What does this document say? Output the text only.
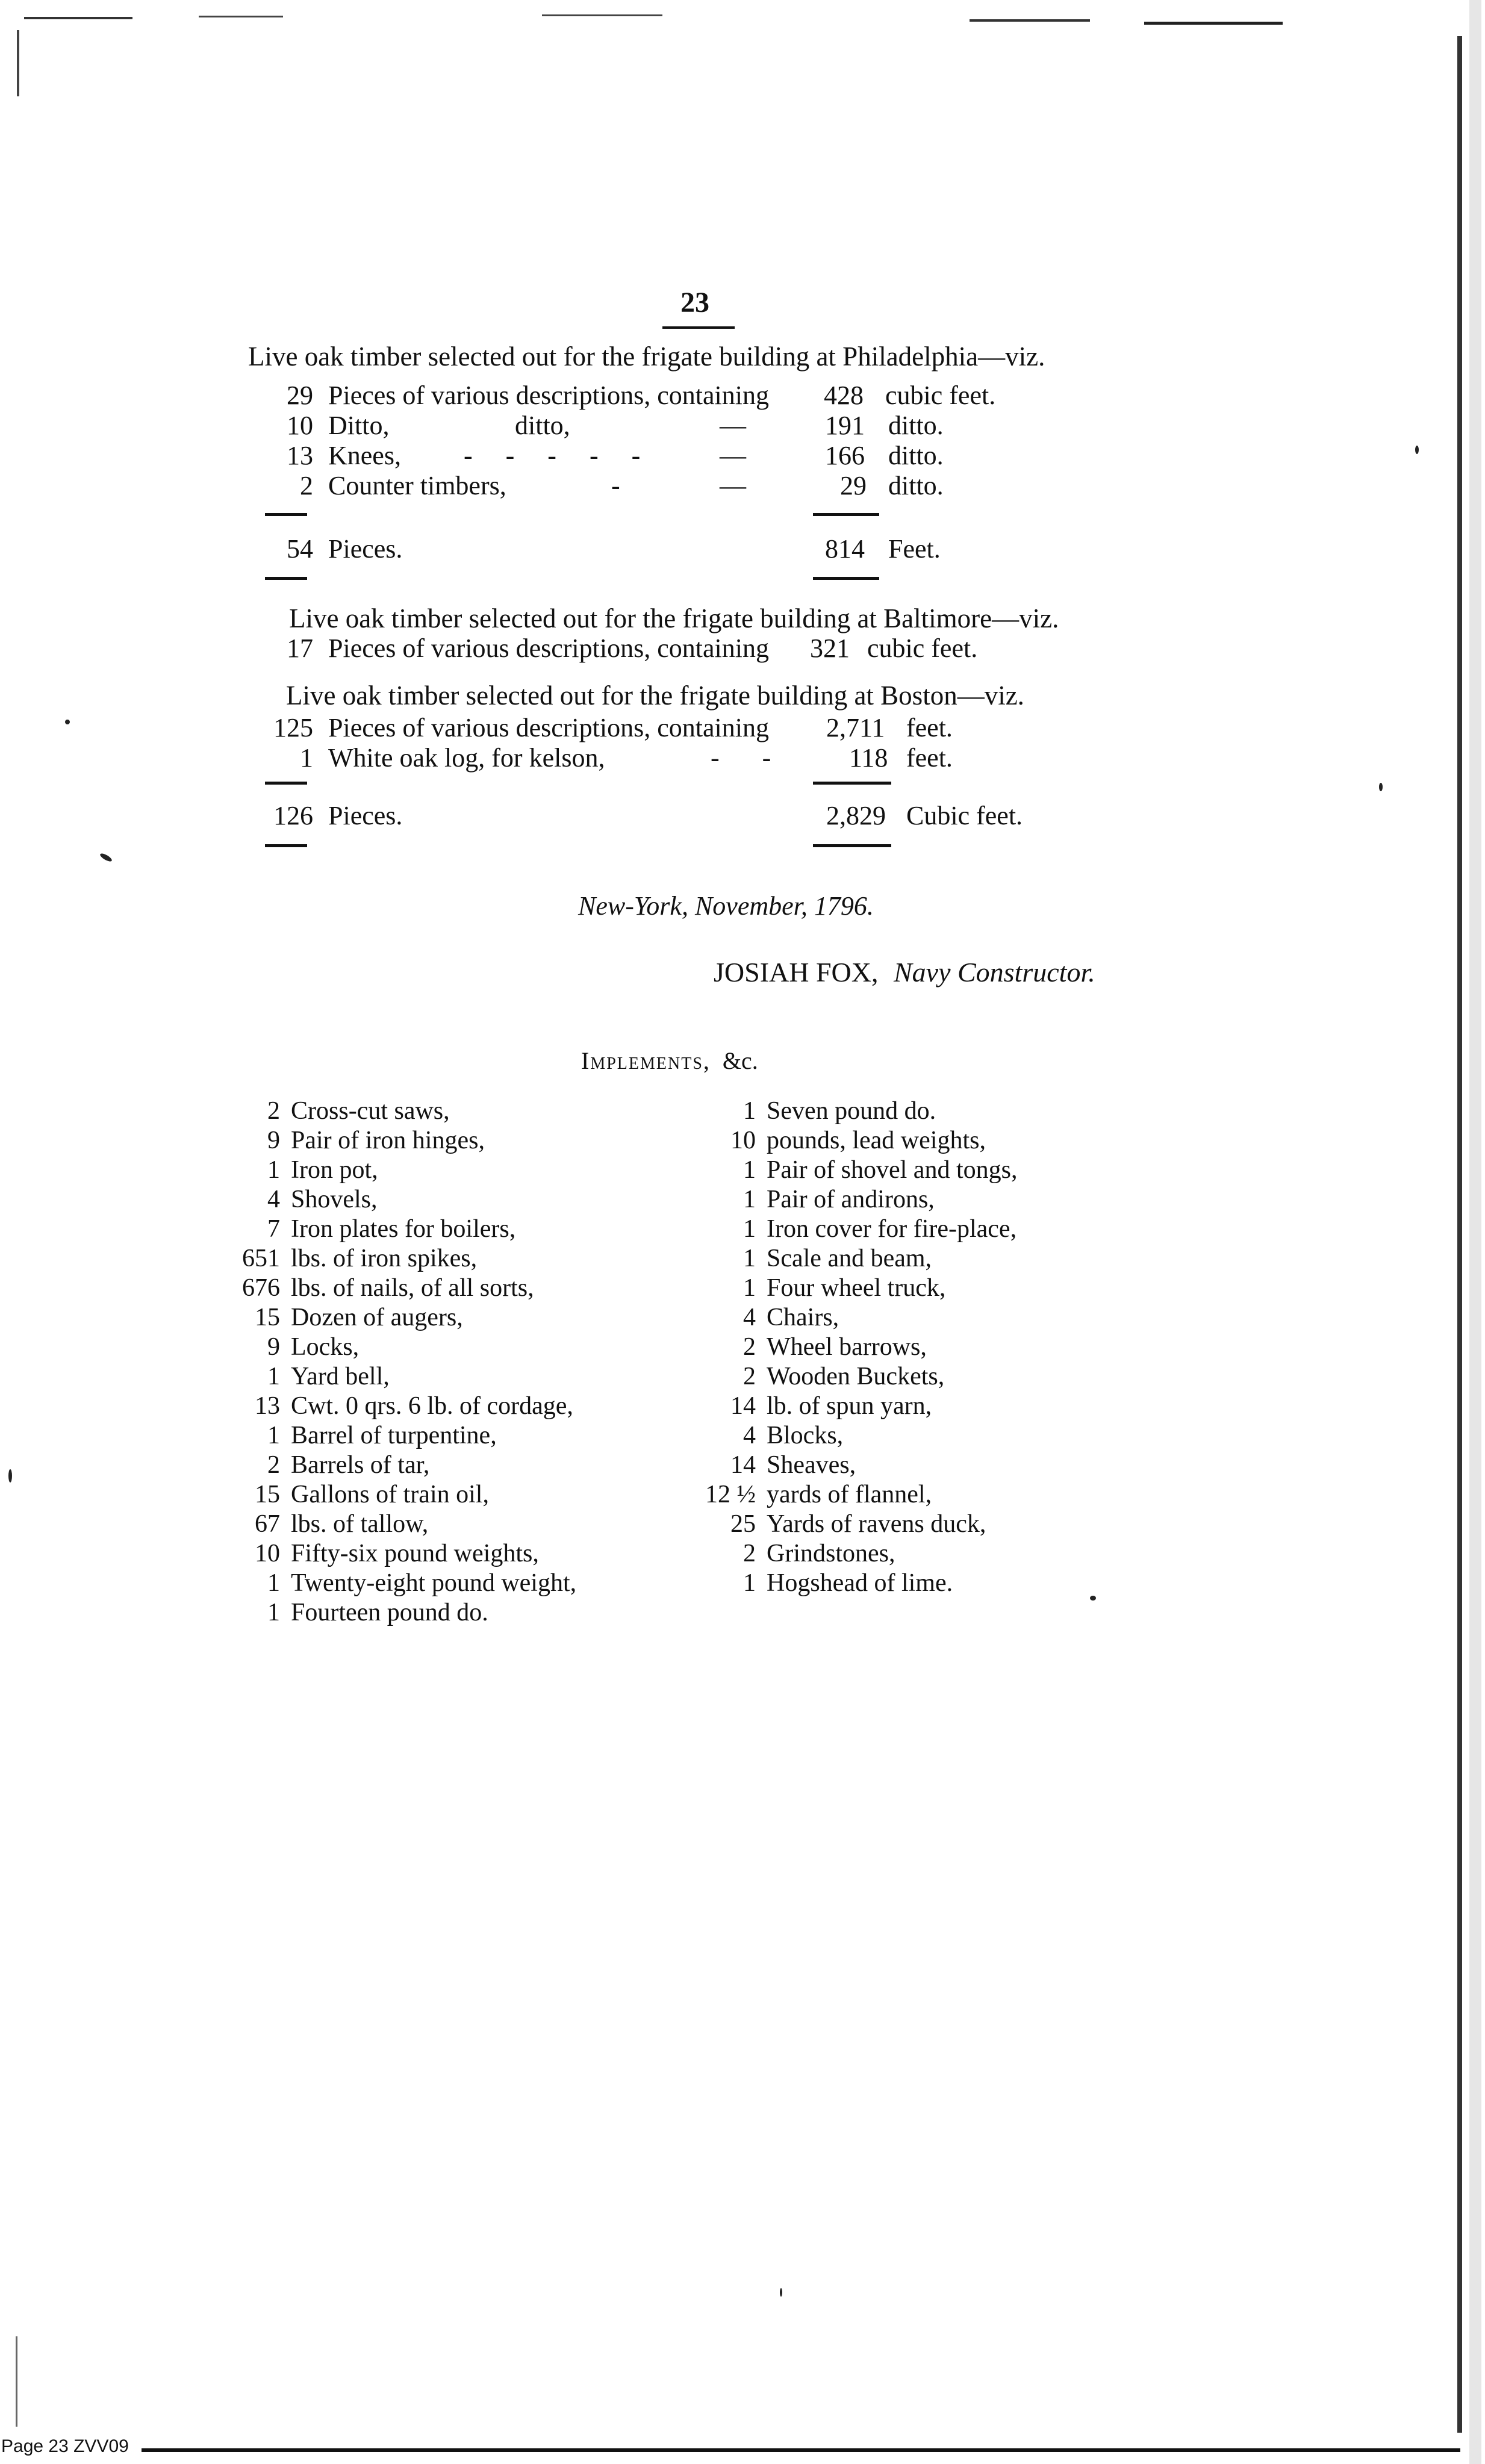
23
Live oak timber selected out for the frigate building at Philadelphia—viz.
29 Pieces of various descriptions, containing 428 cubic feet.
10 Ditto,	ditto,	—	191 ditto.
13 Knees, - - - - - —	166 ditto.
2 Counter timbers,	-	—	29 ditto.
54 Pieces.	814 Feet.
Live oak timber selected out for the frigate building at Baltimore—viz.
17 Pieces of various descriptions, containing 321 cubic feet.
Live oak timber selected out for the frigate building at Boston—viz.
125 Pieces of various descriptions, containing 2,711 feet.
1 White oak log, for kelson,	- - 118 feet.
126 Pieces.	2,829 Cubic feet.
New-York, November, 1796.
JOSIAH FOX, Navy Constructor.
Implements, &c.
2 Cross-cut saws,
9 Pair of iron hinges,
1 Iron pot,
4 Shovels,
7 Iron plates for boilers,
651 lbs. of iron spikes,
676 lbs. of nails, of all sorts,
15 Dozen of augers,
9 Locks,
1 Yard bell,
13 Cwt. 0 qrs. 6 lb. of cordage,
1 Barrel of turpentine,
2 Barrels of tar,
15 Gallons of train oil,
67 lbs. of tallow,
10 Fifty-six pound weights,
1 Twenty-eight pound weight,
1 Fourteen pound do.
1 Seven pound do.
10 pounds, lead weights,
1 Pair of shovel and tongs,
1 Pair of andirons,
1 Iron cover for fire-place,
1 Scale and beam,
1 Four wheel truck,
4 Chairs,
2 Wheel barrows,
2 Wooden Buckets,
14 lb. of spun yarn,
4 Blocks,
14 Sheaves,
12 ½ yards of flannel,
25 Yards of ravens duck,
2 Grindstones,
1 Hogshead of lime.
Page 23 ZVV09
